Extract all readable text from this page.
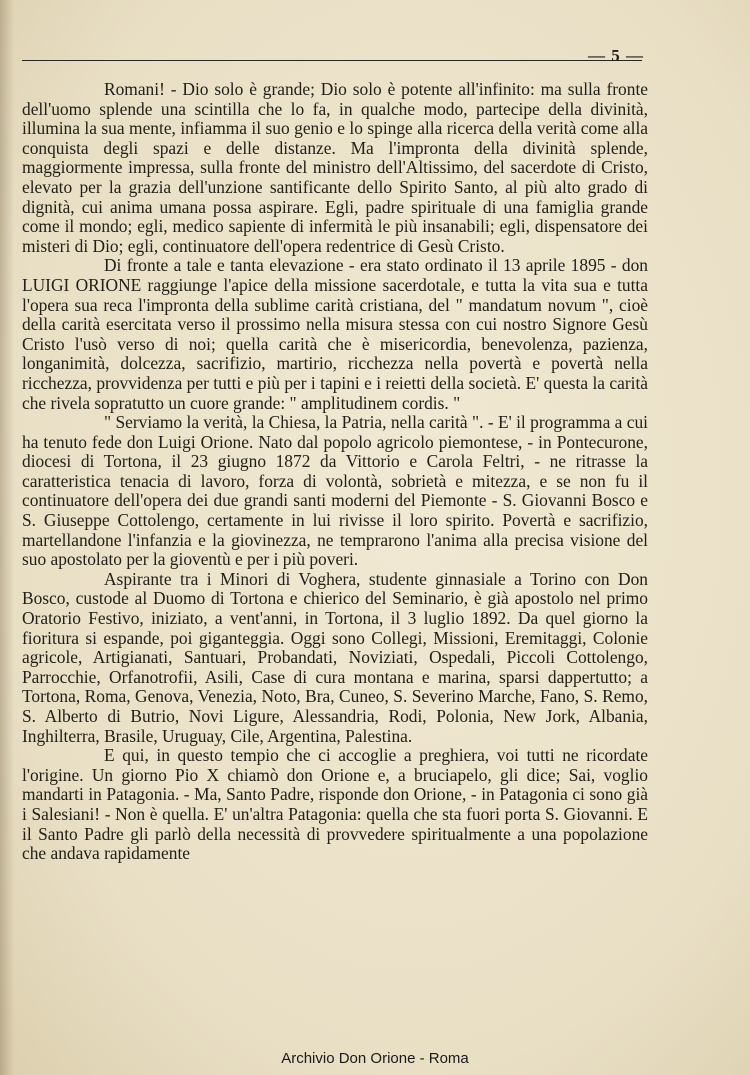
— 5 —

Romani! - Dio solo è grande; Dio solo è potente all'infinito: ma sulla fronte dell'uomo splende una scintilla che lo fa, in qualche modo, partecipe della divinità, illumina la sua mente, infiamma il suo genio e lo spinge alla ricerca della verità come alla conquista degli spazi e delle distanze. Ma l'impronta della divinità splende, maggiormente impressa, sulla fronte del ministro dell'Altissimo, del sacerdote di Cristo, elevato per la grazia dell'unzione santificante dello Spirito Santo, al più alto grado di dignità, cui anima umana possa aspirare. Egli, padre spirituale di una famiglia grande come il mondo; egli, medico sapiente di infermità le più insanabili; egli, dispensatore dei misteri di Dio; egli, continuatore dell'opera redentrice di Gesù Cristo.

Di fronte a tale e tanta elevazione - era stato ordinato il 13 aprile 1895 - don LUIGI ORIONE raggiunge l'apice della missione sacerdotale, e tutta la vita sua e tutta l'opera sua reca l'impronta della sublime carità cristiana, del " mandatum novum ", cioè della carità esercitata verso il prossimo nella misura stessa con cui nostro Signore Gesù Cristo l'usò verso di noi; quella carità che è misericordia, benevolenza, pazienza, longanimità, dolcezza, sacrifizio, martirio, ricchezza nella povertà e povertà nella ricchezza, provvidenza per tutti e più per i tapini e i reietti della società. E' questa la carità che rivela sopratutto un cuore grande: " amplitudinem cordis. "

" Serviamo la verità, la Chiesa, la Patria, nella carità ". - E' il programma a cui ha tenuto fede don Luigi Orione. Nato dal popolo agricolo piemontese, - in Pontecurone, diocesi di Tortona, il 23 giugno 1872 da Vittorio e Carola Feltri, - ne ritrasse la caratteristica tenacia di lavoro, forza di volontà, sobrietà e mitezza, e se non fu il continuatore dell'opera dei due grandi santi moderni del Piemonte - S. Giovanni Bosco e S. Giuseppe Cottolengo, certamente in lui rivisse il loro spirito. Povertà e sacrifizio, martellandone l'infanzia e la giovinezza, ne temprarono l'anima alla precisa visione del suo apostolato per la gioventù e per i più poveri.

Aspirante tra i Minori di Voghera, studente ginnasiale a Torino con Don Bosco, custode al Duomo di Tortona e chierico del Seminario, è già apostolo nel primo Oratorio Festivo, iniziato, a vent'anni, in Tortona, il 3 luglio 1892. Da quel giorno la fioritura si espande, poi giganteggia. Oggi sono Collegi, Missioni, Eremitaggi, Colonie agricole, Artigianati, Santuari, Probandati, Noviziati, Ospedali, Piccoli Cottolengo, Parrocchie, Orfanotrofii, Asili, Case di cura montana e marina, sparsi dappertutto; a Tortona, Roma, Genova, Venezia, Noto, Bra, Cuneo, S. Severino Marche, Fano, S. Remo, S. Alberto di Butrio, Novi Ligure, Alessandria, Rodi, Polonia, New Jork, Albania, Inghilterra, Brasile, Uruguay, Cile, Argentina, Palestina.

E qui, in questo tempio che ci accoglie a preghiera, voi tutti ne ricordate l'origine. Un giorno Pio X chiamò don Orione e, a bruciapelo, gli dice; Sai, voglio mandarti in Patagonia. - Ma, Santo Padre, risponde don Orione, - in Patagonia ci sono già i Salesiani! - Non è quella. E' un'altra Patagonia: quella che sta fuori porta S. Giovanni. E il Santo Padre gli parlò della necessità di provvedere spiritualmente a una popolazione che andava rapidamente

Archivio Don Orione - Roma
